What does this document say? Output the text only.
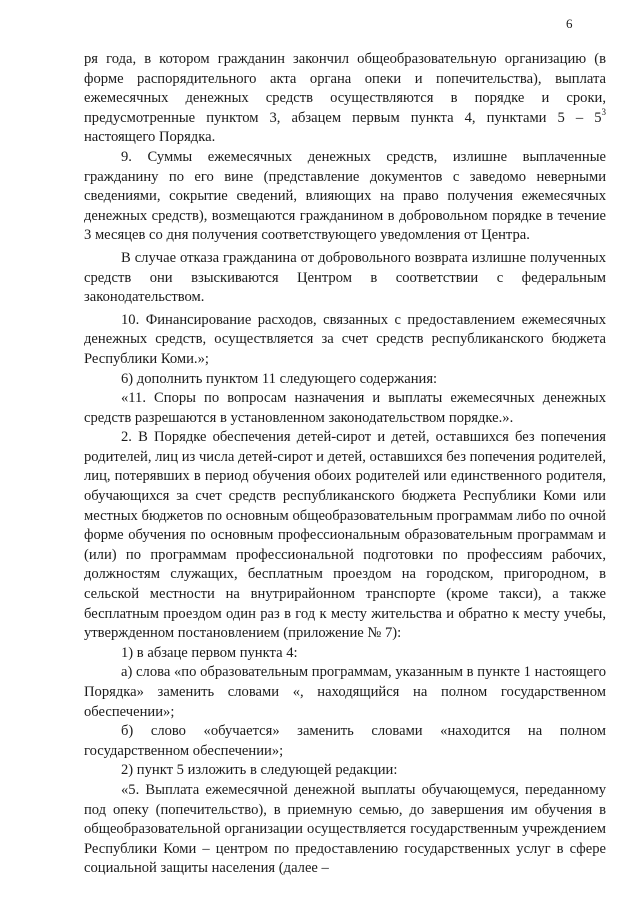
6

ря года, в котором гражданин закончил общеобразовательную организацию (в форме распорядительного акта органа опеки и попечительства), выплата ежемесячных денежных средств осуществляются в порядке и сроки, предусмотренные пунктом 3, абзацем первым пункта 4, пунктами $5 - 5^3$ настоящего Порядка.

9. Суммы ежемесячных денежных средств, излишне выплаченные гражданину по его вине (представление документов с заведомо неверными сведениями, сокрытие сведений, влияющих на право получения ежемесячных денежных средств), возмещаются гражданином в добровольном порядке в течение 3 месяцев со дня получения соответствующего уведомления от Центра.

В случае отказа гражданина от добровольного возврата излишне полученных средств они взыскиваются Центром в соответствии с федеральным законодательством.

10. Финансирование расходов, связанных с предоставлением ежемесячных денежных средств, осуществляется за счет средств республиканского бюджета Республики Коми.»;

6) дополнить пунктом 11 следующего содержания:

«11. Споры по вопросам назначения и выплаты ежемесячных денежных средств разрешаются в установленном законодательством порядке.».

2. В Порядке обеспечения детей-сирот и детей, оставшихся без попечения родителей, лиц из числа детей-сирот и детей, оставшихся без попечения родителей, лиц, потерявших в период обучения обоих родителей или единственного родителя, обучающихся за счет средств республиканского бюджета Республики Коми или местных бюджетов по основным общеобразовательным программам либо по очной форме обучения по основным профессиональным образовательным программам и (или) по программам профессиональной подготовки по профессиям рабочих, должностям служащих, бесплатным проездом на городском, пригородном, в сельской местности на внутрирайонном транспорте (кроме такси), а также бесплатным проездом один раз в год к месту жительства и обратно к месту учебы, утвержденном постановлением (приложение № 7):

1) в абзаце первом пункта 4:

а) слова «по образовательным программам, указанным в пункте 1 настоящего Порядка» заменить словами «, находящийся на полном государственном обеспечении»;

б) слово «обучается» заменить словами «находится на полном государственном обеспечении»;

2) пункт 5 изложить в следующей редакции:

«5. Выплата ежемесячной денежной выплаты обучающемуся, переданному под опеку (попечительство), в приемную семью, до завершения им обучения в общеобразовательной организации осуществляется государственным учреждением Республики Коми – центром по предоставлению государственных услуг в сфере социальной защиты населения (далее –
